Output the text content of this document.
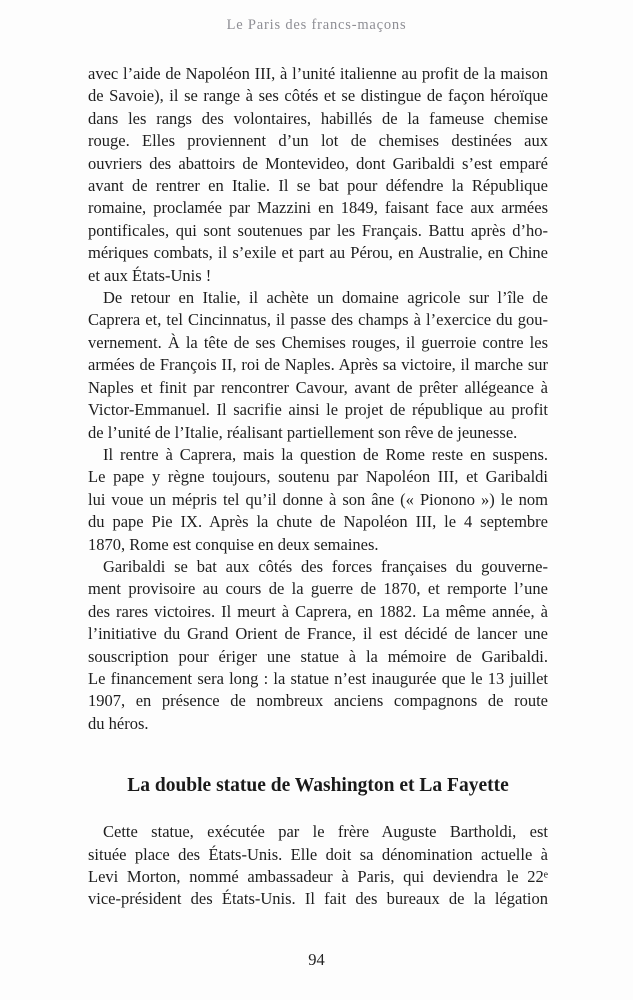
Le Paris des francs-maçons
avec l’aide de Napoléon III, à l’unité italienne au profit de la maison
de Savoie), il se range à ses côtés et se distingue de façon héroïque
dans les rangs des volontaires, habillés de la fameuse chemise
rouge. Elles proviennent d’un lot de chemises destinées aux
ouvriers des abattoirs de Montevideo, dont Garibaldi s’est emparé
avant de rentrer en Italie. Il se bat pour défendre la République
romaine, proclamée par Mazzini en 1849, faisant face aux armées
pontificales, qui sont soutenues par les Français. Battu après d’ho-
mériques combats, il s’exile et part au Pérou, en Australie, en Chine
et aux États-Unis !
De retour en Italie, il achète un domaine agricole sur l’île de
Caprera et, tel Cincinnatus, il passe des champs à l’exercice du gou-
vernement. À la tête de ses Chemises rouges, il guerroie contre les
armées de François II, roi de Naples. Après sa victoire, il marche sur
Naples et finit par rencontrer Cavour, avant de prêter allégeance à
Victor-Emmanuel. Il sacrifie ainsi le projet de république au profit
de l’unité de l’Italie, réalisant partiellement son rêve de jeunesse.
Il rentre à Caprera, mais la question de Rome reste en suspens.
Le pape y règne toujours, soutenu par Napoléon III, et Garibaldi
lui voue un mépris tel qu’il donne à son âne (« Pionono ») le nom
du pape Pie IX. Après la chute de Napoléon III, le 4 septembre
1870, Rome est conquise en deux semaines.
Garibaldi se bat aux côtés des forces françaises du gouverne-
ment provisoire au cours de la guerre de 1870, et remporte l’une
des rares victoires. Il meurt à Caprera, en 1882. La même année, à
l’initiative du Grand Orient de France, il est décidé de lancer une
souscription pour ériger une statue à la mémoire de Garibaldi.
Le financement sera long : la statue n’est inaugurée que le 13 juillet
1907, en présence de nombreux anciens compagnons de route
du héros.
La double statue de Washington et La Fayette
Cette statue, exécutée par le frère Auguste Bartholdi, est
située place des États-Unis. Elle doit sa dénomination actuelle à
Levi Morton, nommé ambassadeur à Paris, qui deviendra le 22ᵉ
vice-président des États-Unis. Il fait des bureaux de la légation
94
